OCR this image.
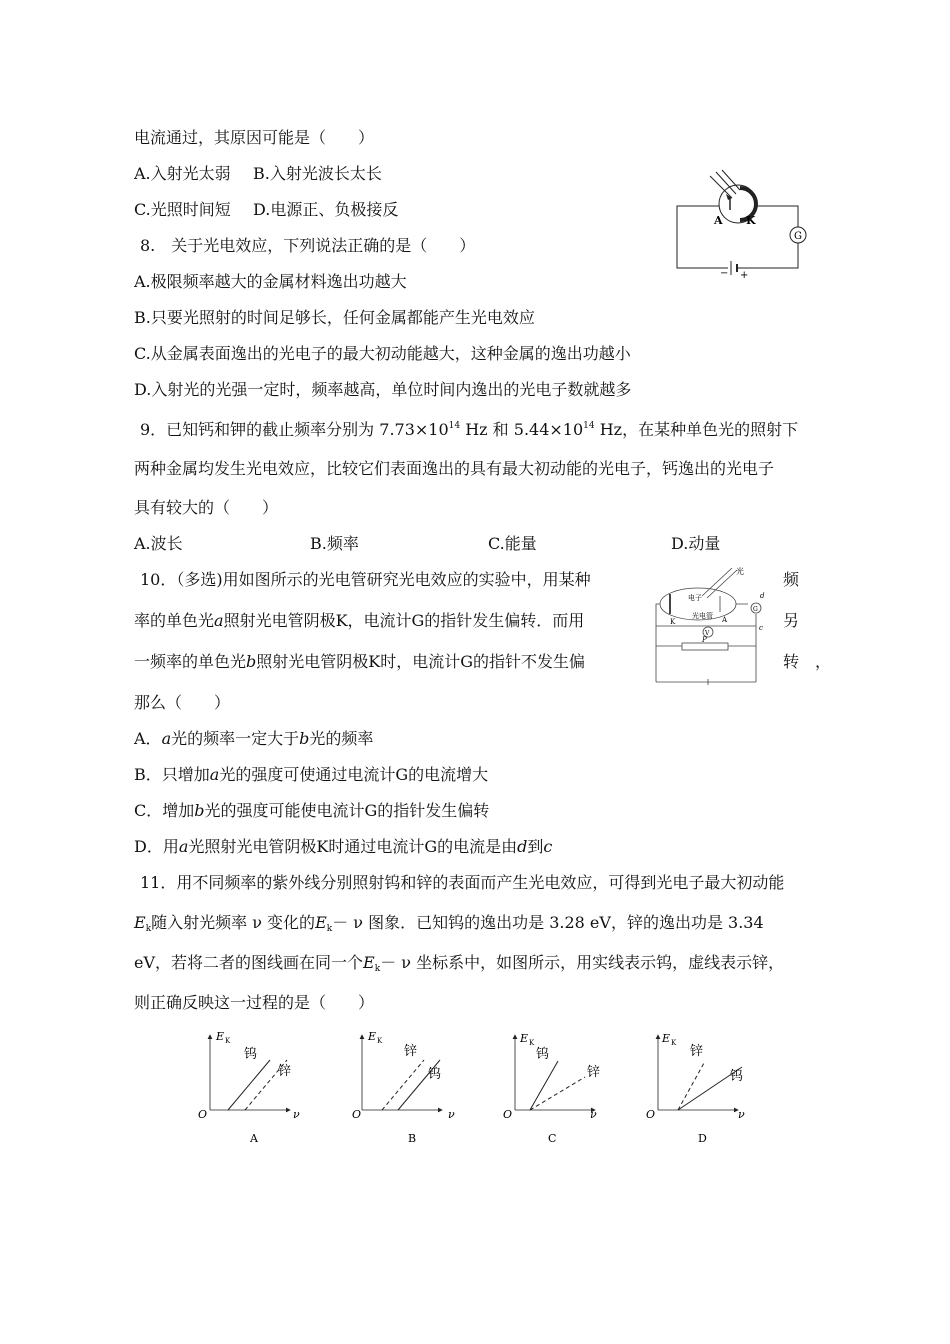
电流通过，其原因可能是（　　）
A.入射光太弱 B.入射光波长太长
C.光照时间短 D.电源正、负极接反
A K
G
− +
8.　关于光电效应，下列说法正确的是（　　）
A.极限频率越大的金属材料逸出功越大
B.只要光照射的时间足够长，任何金属都能产生光电效应
C.从金属表面逸出的光电子的最大初动能越大，这种金属的逸出功越小
D.入射光的光强一定时，频率越高，单位时间内逸出的光电子数就越多
9．已知钙和钾的截止频率分别为 $7.73\times 10^{14}$ Hz 和 $5.44\times 10^{14}$ Hz，在某种单色光的照射下
两种金属均发生光电效应，比较它们表面逸出的具有最大初动能的光电子，钙逸出的光电子
具有较大的（　　）
A.波长	B.频率	C.能量	D.动量
10．（多选)用如图所示的光电管研究光电效应的实验中，用某种	频
率的单色光a照射光电管阴极K，电流计G的指针发生偏转．而用	另
一频率的单色光b照射光电管阴极K时，电流计G的指针不发生偏	转　，
那么（　　）
光
电子
光电管
K	A
d
c
G
V
P
A．a光的频率一定大于b光的频率
B．只增加a光的强度可使通过电流计G的电流增大
C．增加b光的强度可能使电流计G的指针发生偏转
D．用a光照射光电管阴极K时通过电流计G的电流是由d到c
11．用不同频率的紫外线分别照射钨和锌的表面而产生光电效应，可得到光电子最大初动能
$E_k$随入射光频率 ν 变化的$E_k- \nu$ 图象．已知钨的逸出功是 3.28 eV，锌的逸出功是 3.34
eV，若将二者的图线画在同一个$E_k- \nu$ 坐标系中，如图所示，用实线表示钨，虚线表示锌，
则正确反映这一过程的是（　　）
E K
ν
O
钨
锌
A
E K
ν
O
锌
钨
B
E K
ν
O
钨
锌
C
E K
ν
O
锌
钨
D
